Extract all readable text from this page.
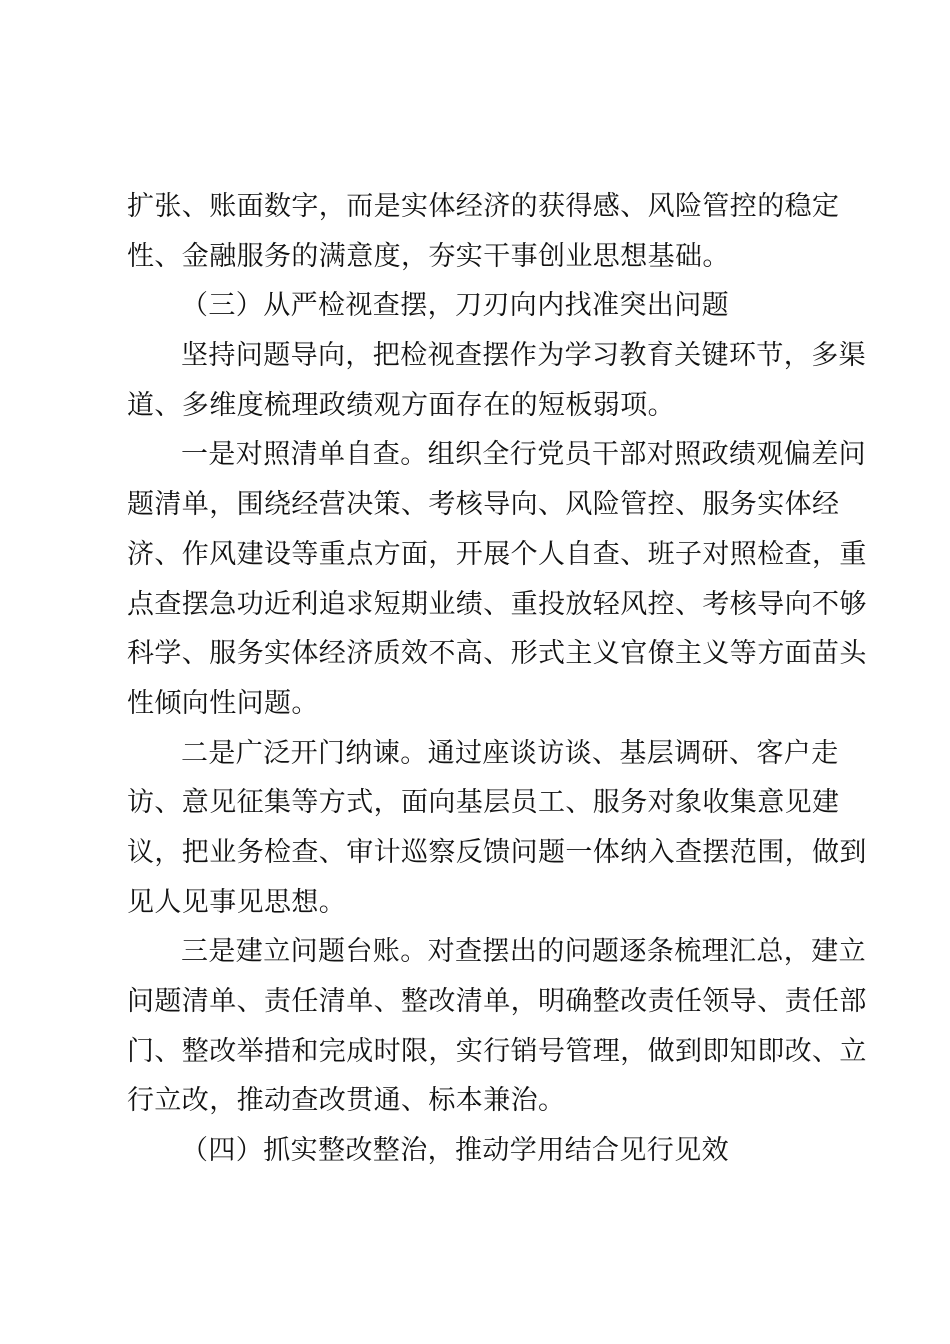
扩张、账面数字，而是实体经济的获得感、风险管控的稳定
性、金融服务的满意度，夯实干事创业思想基础。
（三）从严检视查摆，刀刃向内找准突出问题
坚持问题导向，把检视查摆作为学习教育关键环节，多渠
道、多维度梳理政绩观方面存在的短板弱项。
一是对照清单自查。组织全行党员干部对照政绩观偏差问
题清单，围绕经营决策、考核导向、风险管控、服务实体经
济、作风建设等重点方面，开展个人自查、班子对照检查，重
点查摆急功近利追求短期业绩、重投放轻风控、考核导向不够
科学、服务实体经济质效不高、形式主义官僚主义等方面苗头
性倾向性问题。
二是广泛开门纳谏。通过座谈访谈、基层调研、客户走
访、意见征集等方式，面向基层员工、服务对象收集意见建
议，把业务检查、审计巡察反馈问题一体纳入查摆范围，做到
见人见事见思想。
三是建立问题台账。对查摆出的问题逐条梳理汇总，建立
问题清单、责任清单、整改清单，明确整改责任领导、责任部
门、整改举措和完成时限，实行销号管理，做到即知即改、立
行立改，推动查改贯通、标本兼治。
（四）抓实整改整治，推动学用结合见行见效
